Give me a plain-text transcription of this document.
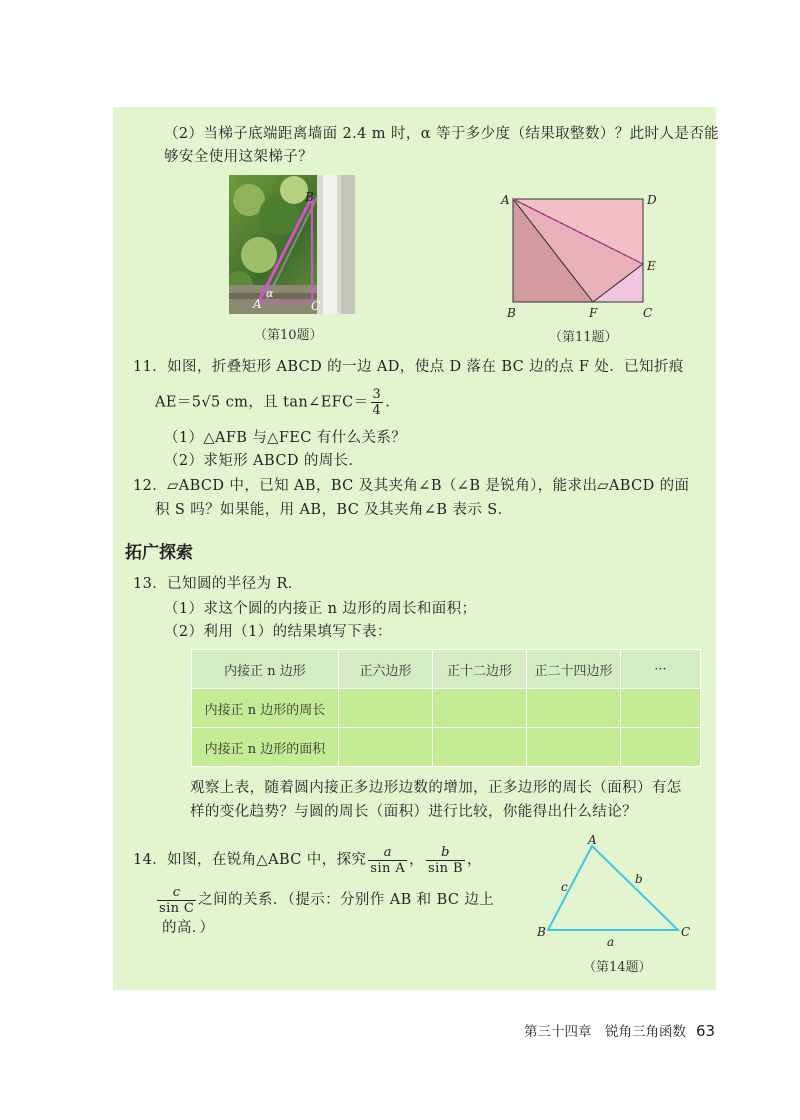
（2）当梯子底端距离墙面 2.4 m 时，α 等于多少度（结果取整数）？此时人是否能
够安全使用这架梯子？
B
A	C
α
（第10题）
A	D
E
B	F	C
（第11题）
11．如图，折叠矩形 ABCD 的一边 AD，使点 D 落在 BC 边的点 F 处．已知折痕
AE＝5√5 cm，且 tan∠EFC＝ $\frac{3}{4}$ .
（1）△AFB 与△FEC 有什么关系？
（2）求矩形 ABCD 的周长．
12．▱ABCD 中，已知 AB，BC 及其夹角∠B（∠B 是锐角），能求出▱ABCD 的面
积 S 吗？如果能，用 AB，BC 及其夹角∠B 表示 S．
拓广探索
13．已知圆的半径为 R．
（1）求这个圆的内接正 n 边形的周长和面积；
（2）利用（1）的结果填写下表：
内接正 n 边形	正六边形	正十二边形	正二十四边形	···
内接正 n 边形的周长				
内接正 n 边形的面积				
观察上表，随着圆内接正多边形边数的增加，正多边形的周长（面积）有怎
样的变化趋势？与圆的周长（面积）进行比较，你能得出什么结论？
14．如图，在锐角△ABC 中，探究 $\frac{a}{\text{sin A}}$ ， $\frac{b}{\text{sin B}}$ ，
$\frac{c}{\text{sin C}}$ 之间的关系．（提示：分别作 AB 和 BC 边上
的高．）
A
B	C
a
b
c
（第14题）
第三十四章　锐角三角函数 63
